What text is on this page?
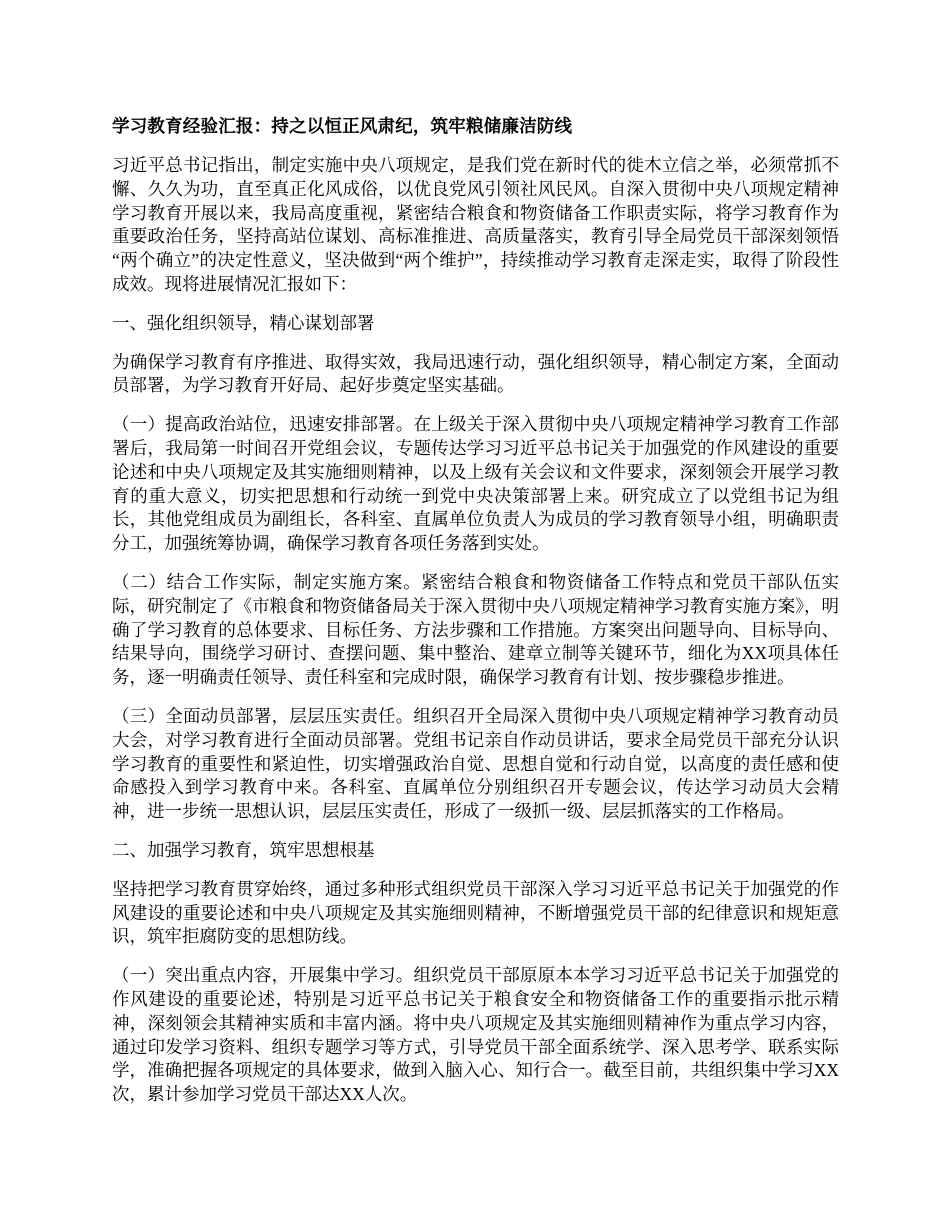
学习教育经验汇报：持之以恒正风肃纪，筑牢粮储廉洁防线

习近平总书记指出，制定实施中央八项规定，是我们党在新时代的徙木立信之举，必须常抓不懈、久久为功，直至真正化风成俗，以优良党风引领社风民风。自深入贯彻中央八项规定精神学习教育开展以来，我局高度重视，紧密结合粮食和物资储备工作职责实际，将学习教育作为重要政治任务，坚持高站位谋划、高标准推进、高质量落实，教育引导全局党员干部深刻领悟“两个确立”的决定性意义，坚决做到“两个维护”，持续推动学习教育走深走实，取得了阶段性成效。现将进展情况汇报如下：

一、强化组织领导，精心谋划部署

为确保学习教育有序推进、取得实效，我局迅速行动，强化组织领导，精心制定方案，全面动员部署，为学习教育开好局、起好步奠定坚实基础。

（一）提高政治站位，迅速安排部署。在上级关于深入贯彻中央八项规定精神学习教育工作部署后，我局第一时间召开党组会议，专题传达学习习近平总书记关于加强党的作风建设的重要论述和中央八项规定及其实施细则精神，以及上级有关会议和文件要求，深刻领会开展学习教育的重大意义，切实把思想和行动统一到党中央决策部署上来。研究成立了以党组书记为组长，其他党组成员为副组长，各科室、直属单位负责人为成员的学习教育领导小组，明确职责分工，加强统筹协调，确保学习教育各项任务落到实处。

（二）结合工作实际，制定实施方案。紧密结合粮食和物资储备工作特点和党员干部队伍实际，研究制定了《市粮食和物资储备局关于深入贯彻中央八项规定精神学习教育实施方案》，明确了学习教育的总体要求、目标任务、方法步骤和工作措施。方案突出问题导向、目标导向、结果导向，围绕学习研讨、查摆问题、集中整治、建章立制等关键环节，细化为XX项具体任务，逐一明确责任领导、责任科室和完成时限，确保学习教育有计划、按步骤稳步推进。

（三）全面动员部署，层层压实责任。组织召开全局深入贯彻中央八项规定精神学习教育动员大会，对学习教育进行全面动员部署。党组书记亲自作动员讲话，要求全局党员干部充分认识学习教育的重要性和紧迫性，切实增强政治自觉、思想自觉和行动自觉，以高度的责任感和使命感投入到学习教育中来。各科室、直属单位分别组织召开专题会议，传达学习动员大会精神，进一步统一思想认识，层层压实责任，形成了一级抓一级、层层抓落实的工作格局。

二、加强学习教育，筑牢思想根基

坚持把学习教育贯穿始终，通过多种形式组织党员干部深入学习习近平总书记关于加强党的作风建设的重要论述和中央八项规定及其实施细则精神，不断增强党员干部的纪律意识和规矩意识，筑牢拒腐防变的思想防线。

（一）突出重点内容，开展集中学习。组织党员干部原原本本学习习近平总书记关于加强党的作风建设的重要论述，特别是习近平总书记关于粮食安全和物资储备工作的重要指示批示精神，深刻领会其精神实质和丰富内涵。将中央八项规定及其实施细则精神作为重点学习内容，通过印发学习资料、组织专题学习等方式，引导党员干部全面系统学、深入思考学、联系实际学，准确把握各项规定的具体要求，做到入脑入心、知行合一。截至目前，共组织集中学习XX次，累计参加学习党员干部达XX人次。
